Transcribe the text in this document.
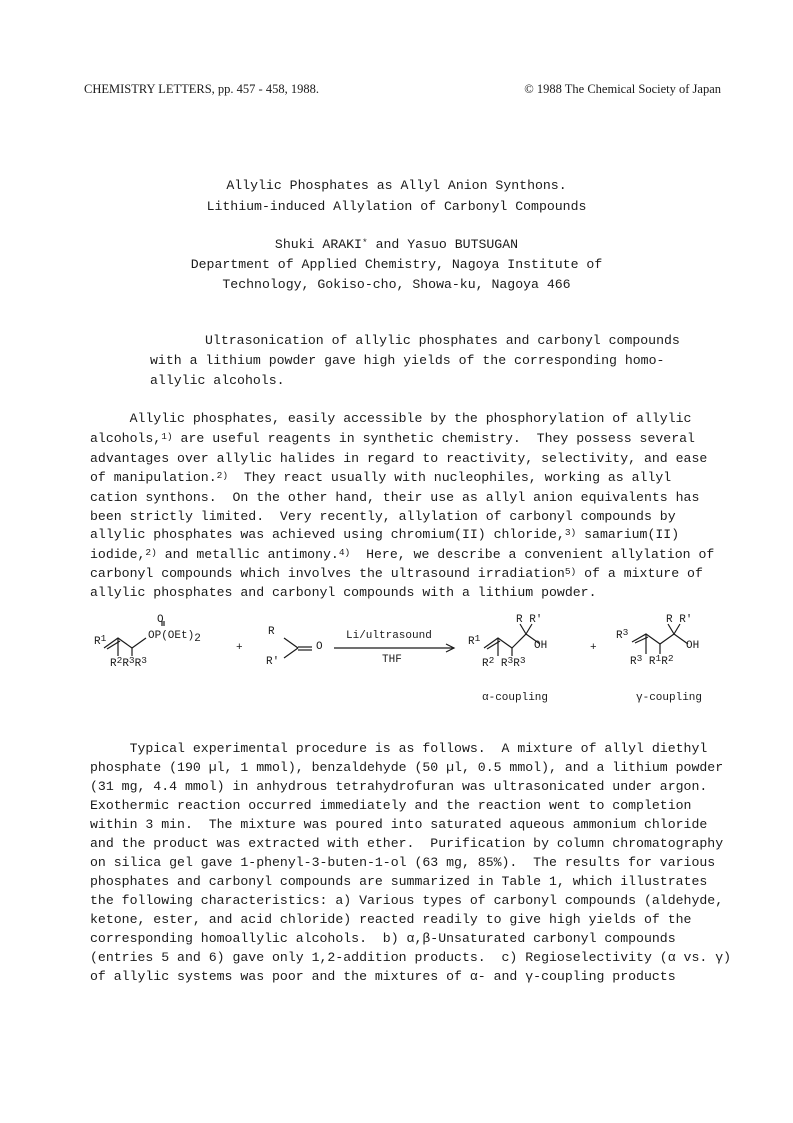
CHEMISTRY LETTERS, pp. 457 - 458, 1988.	© 1988 The Chemical Society of Japan
Allylic Phosphates as Allyl Anion Synthons.
Lithium-induced Allylation of Carbonyl Compounds
Shuki ARAKI* and Yasuo BUTSUGAN
Department of Applied Chemistry, Nagoya Institute of
Technology, Gokiso-cho, Showa-ku, Nagoya 466
Ultrasonication of allylic phosphates and carbonyl compounds
with a lithium powder gave high yields of the corresponding homo-
allylic alcohols.
Allylic phosphates, easily accessible by the phosphorylation of allylic
alcohols,$^{1)}$ are useful reagents in synthetic chemistry.  They possess several
advantages over allylic halides in regard to reactivity, selectivity, and ease
of manipulation.$^{2)}$  They react usually with nucleophiles, working as allyl
cation synthons.  On the other hand, their use as allyl anion equivalents has
been strictly limited.  Very recently, allylation of carbonyl compounds by
allylic phosphates was achieved using chromium(II) chloride,$^{3)}$ samarium(II)
iodide,$^{2)}$ and metallic antimony.$^{4)}$  Here, we describe a convenient allylation of
carbonyl compounds which involves the ultrasound irradiation$^{5)}$ of a mixture of
allylic phosphates and carbonyl compounds with a lithium powder.
$R^1$
O
OP(OEt)2
$R^2R^3R^3$
+
R
R'
O
Li/ultrasound
THF
$R^1$
R R'
OH
$R^2$ $R^3R^3$
+
$R^3$
R R'
OH
$R^3$ $R^1R^2$
α-coupling	γ-coupling
Typical experimental procedure is as follows.  A mixture of allyl diethyl
phosphate (190 µl, 1 mmol), benzaldehyde (50 µl, 0.5 mmol), and a lithium powder
(31 mg, 4.4 mmol) in anhydrous tetrahydrofuran was ultrasonicated under argon.
Exothermic reaction occurred immediately and the reaction went to completion
within 3 min.  The mixture was poured into saturated aqueous ammonium chloride
and the product was extracted with ether.  Purification by column chromatography
on silica gel gave 1-phenyl-3-buten-1-ol (63 mg, 85%).  The results for various
phosphates and carbonyl compounds are summarized in Table 1, which illustrates
the following characteristics: a) Various types of carbonyl compounds (aldehyde,
ketone, ester, and acid chloride) reacted readily to give high yields of the
corresponding homoallylic alcohols.  b) α,β-Unsaturated carbonyl compounds
(entries 5 and 6) gave only 1,2-addition products.  c) Regioselectivity (α vs. γ)
of allylic systems was poor and the mixtures of α- and γ-coupling products
